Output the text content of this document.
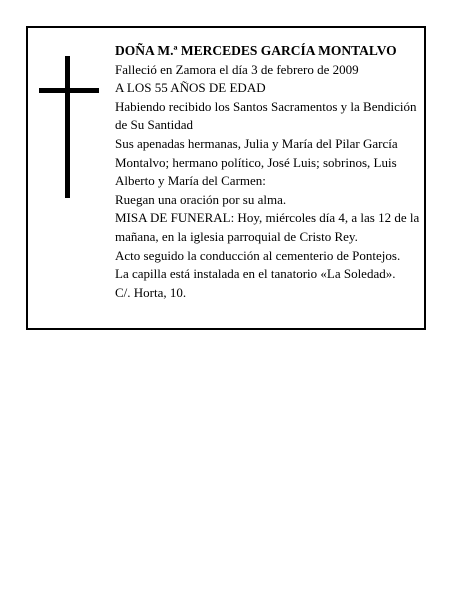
DOÑA M.ª MERCEDES GARCÍA MONTALVO

Falleció en Zamora el día 3 de febrero de 2009

A LOS 55 AÑOS DE EDAD

Habiendo recibido los Santos Sacramentos y la Bendición de Su Santidad

Sus apenadas hermanas, Julia y María del Pilar García Montalvo; hermano político, José Luis; sobrinos, Luis Alberto y María del Carmen:

Ruegan una oración por su alma.

MISA DE FUNERAL: Hoy, miércoles día 4, a las 12 de la mañana, en la iglesia parroquial de Cristo Rey.

Acto seguido la conducción al cementerio de Pontejos.

La capilla está instalada en el tanatorio «La Soledad».

C/. Horta, 10.
